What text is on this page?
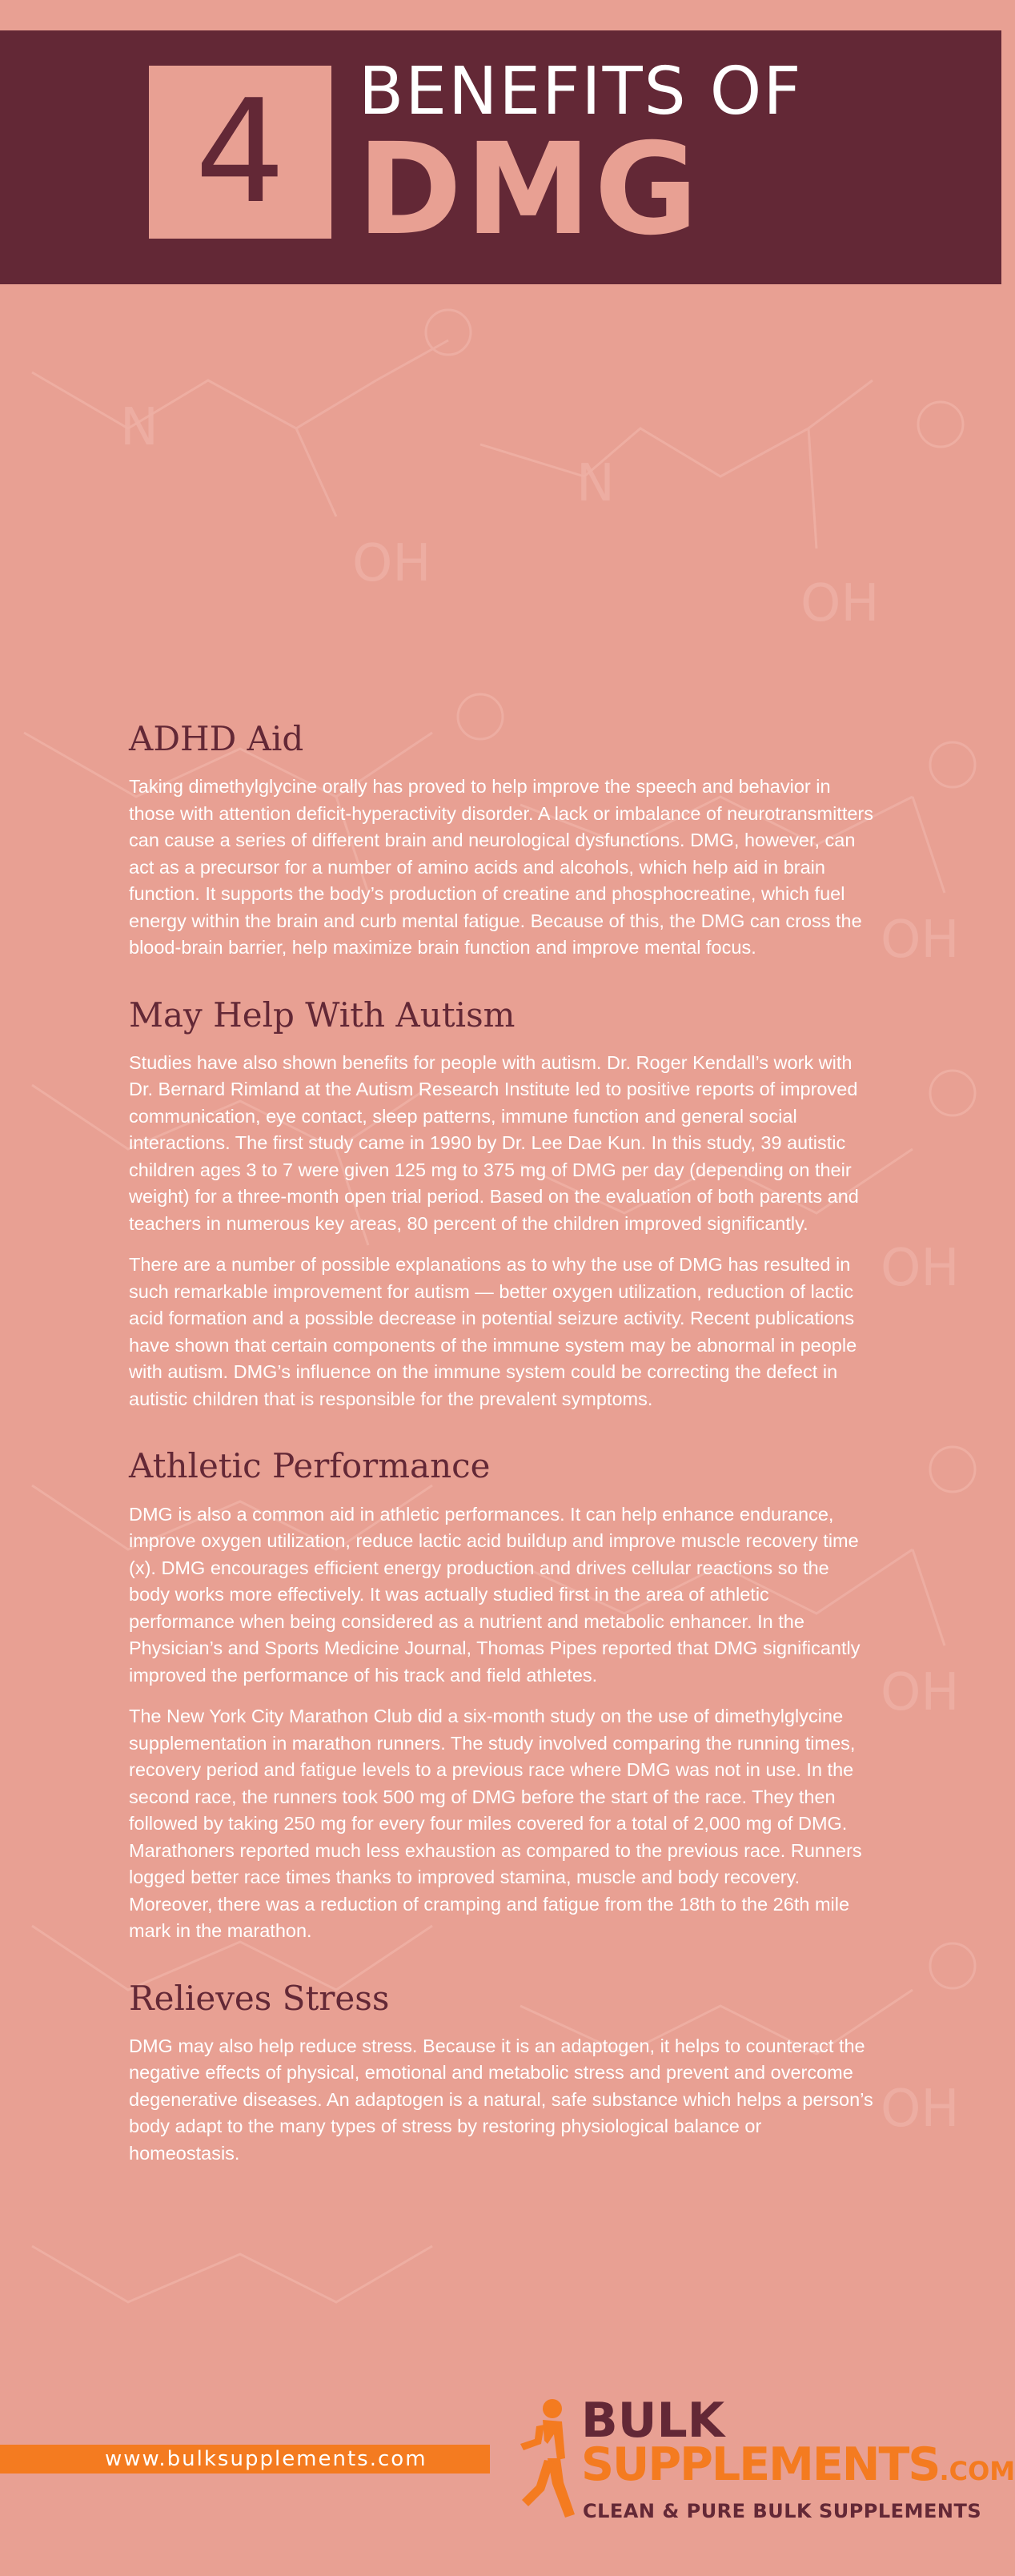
4 BENEFITS OF
DMG
N
N
OH
OH
OH
OH
OH
OH
ADHD Aid

Taking dimethylglycine orally has proved to help improve the speech and behavior in those with attention deficit-hyperactivity disorder. A lack or imbalance of neurotransmitters can cause a series of different brain and neurological dysfunctions. DMG, however, can act as a precursor for a number of amino acids and alcohols, which help aid in brain function. It supports the body’s production of creatine and phosphocreatine, which fuel energy within the brain and curb mental fatigue. Because of this, the DMG can cross the blood-brain barrier, help maximize brain function and improve mental focus.

May Help With Autism

Studies have also shown benefits for people with autism. Dr. Roger Kendall’s work with Dr. Bernard Rimland at the Autism Research Institute led to positive reports of improved communication, eye contact, sleep patterns, immune function and general social interactions. The first study came in 1990 by Dr. Lee Dae Kun. In this study, 39 autistic children ages 3 to 7 were given 125 mg to 375 mg of DMG per day (depending on their weight) for a three-month open trial period. Based on the evaluation of both parents and teachers in numerous key areas, 80 percent of the children improved significantly.

There are a number of possible explanations as to why the use of DMG has resulted in such remarkable improvement for autism — better oxygen utilization, reduction of lactic acid formation and a possible decrease in potential seizure activity. Recent publications have shown that certain components of the immune system may be abnormal in people with autism. DMG’s influence on the immune system could be correcting the defect in autistic children that is responsible for the prevalent symptoms.

Athletic Performance

DMG is also a common aid in athletic performances. It can help enhance endurance, improve oxygen utilization, reduce lactic acid buildup and improve muscle recovery time (x). DMG encourages efficient energy production and drives cellular reactions so the body works more effectively. It was actually studied first in the area of athletic performance when being considered as a nutrient and metabolic enhancer. In the Physician’s and Sports Medicine Journal, Thomas Pipes reported that DMG significantly improved the performance of his track and field athletes.

The New York City Marathon Club did a six-month study on the use of dimethylglycine supplementation in marathon runners. The study involved comparing the running times, recovery period and fatigue levels to a previous race where DMG was not in use. In the second race, the runners took 500 mg of DMG before the start of the race. They then followed by taking 250 mg for every four miles covered for a total of 2,000 mg of DMG. Marathoners reported much less exhaustion as compared to the previous race. Runners logged better race times thanks to improved stamina, muscle and body recovery. Moreover, there was a reduction of cramping and fatigue from the 18th to the 26th mile mark in the marathon.

Relieves Stress

DMG may also help reduce stress. Because it is an adaptogen, it helps to counteract the negative effects of physical, emotional and metabolic stress and prevent and overcome degenerative diseases. An adaptogen is a natural, safe substance which helps a person’s body adapt to the many types of stress by restoring physiological balance or homeostasis.

www.bulksupplements.com
BULK
SUPPLEMENTS.COM
CLEAN & PURE BULK SUPPLEMENTS
